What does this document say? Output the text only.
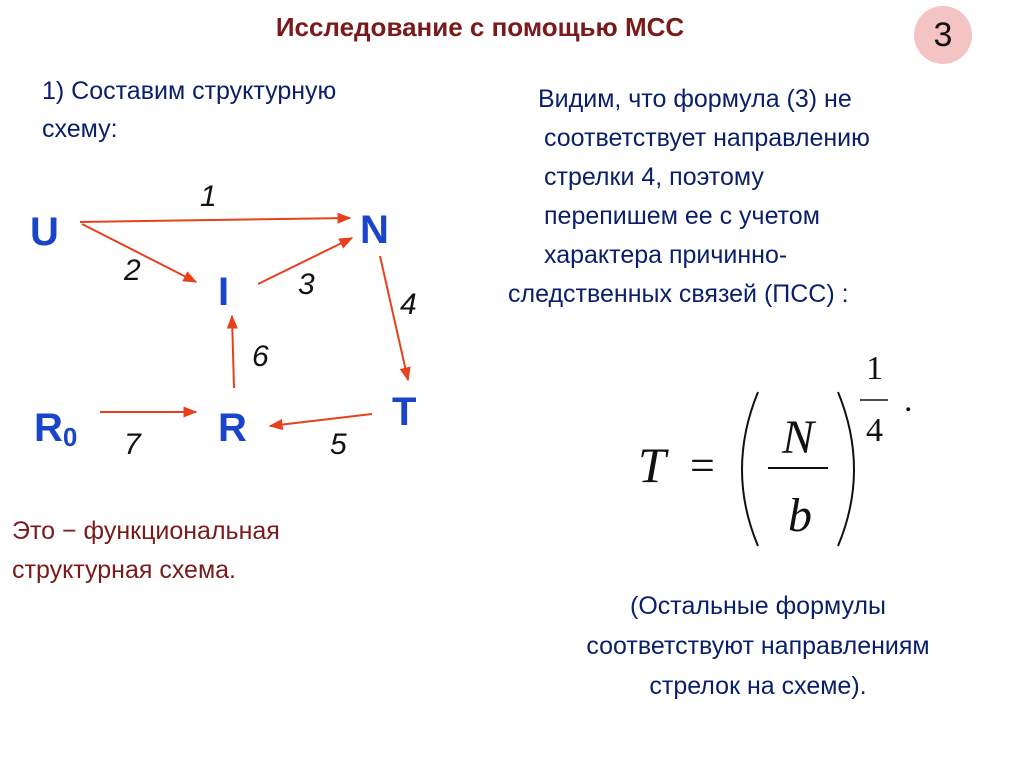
Исследование с помощью МСС	3
1) Составим структурную
схему:
U	N
I
T
$R_0$	R
1
2	3
4
5
6
7
Это − функциональная
структурная схема.
Видим, что формула (3) не
соответствует направлению
стрелки 4, поэтому
перепишем ее с учетом
характера причинно-
следственных связей (ПСС) :
T =
N
b
1
4
.
(Остальные формулы
соответствуют направлениям
стрелок на схеме).
